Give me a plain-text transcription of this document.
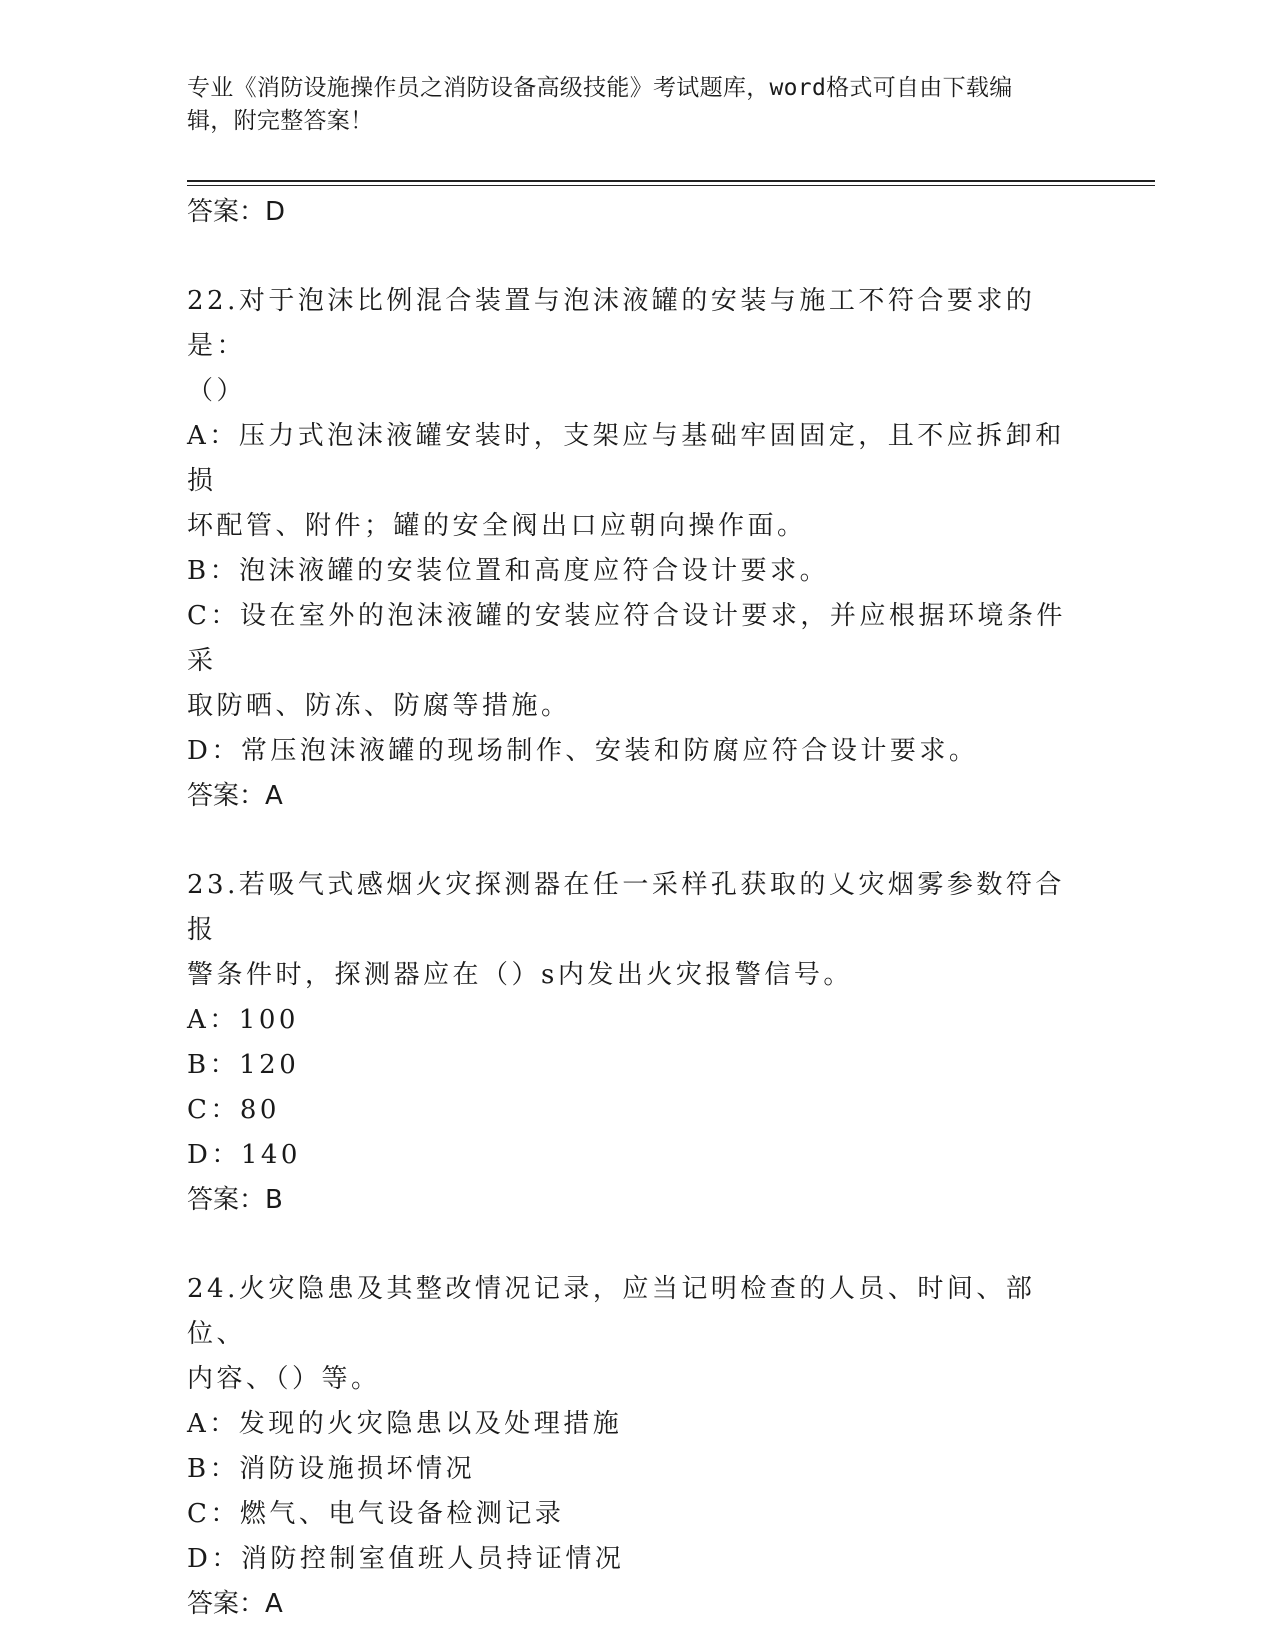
专业《消防设施操作员之消防设备高级技能》考试题库，word格式可自由下载编
辑，附完整答案！

答案：D

22.对于泡沫比例混合装置与泡沫液罐的安装与施工不符合要求的是：

（）

A：压力式泡沫液罐安装时，支架应与基础牢固固定，且不应拆卸和损

坏配管、附件；罐的安全阀出口应朝向操作面。

B：泡沫液罐的安装位置和高度应符合设计要求。

C：设在室外的泡沫液罐的安装应符合设计要求，并应根据环境条件采

取防晒、防冻、防腐等措施。

D：常压泡沫液罐的现场制作、安装和防腐应符合设计要求。

答案：A

23.若吸气式感烟火灾探测器在任一采样孔获取的乂灾烟雾参数符合报

警条件时，探测器应在（）s内发出火灾报警信号。

A：100

B：120

C：80

D：140

答案：B

24.火灾隐患及其整改情况记录，应当记明检查的人员、时间、部位、

内容、（）等。

A：发现的火灾隐患以及处理措施

B：消防设施损坏情况

C：燃气、电气设备检测记录

D：消防控制室值班人员持证情况

答案：A
